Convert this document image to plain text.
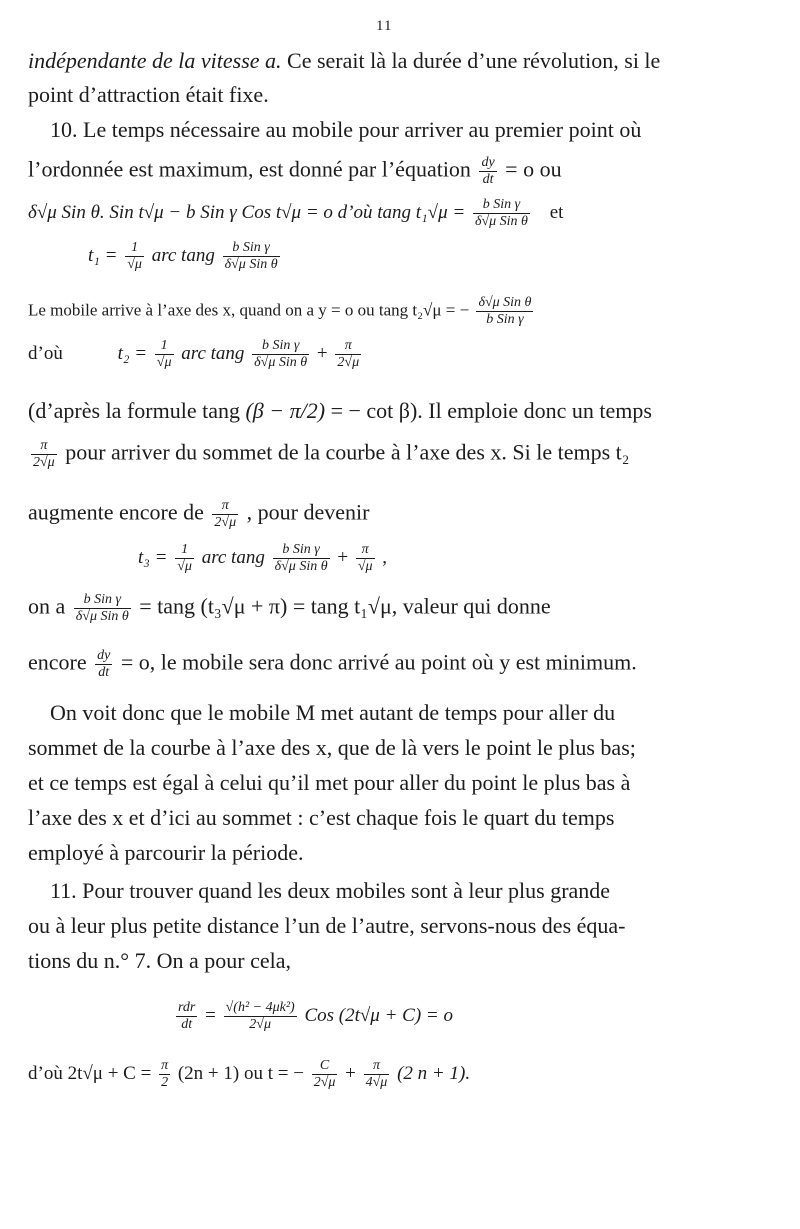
11
indépendante de la vitesse a. Ce serait là la durée d’une révolution, si le
point d’attraction était fixe.
10. Le temps nécessaire au mobile pour arriver au premier point où
l’ordonnée est maximum, est donné par l’équation $\frac{dy}{dt} = o$ ou
δ√μ Sin θ. Sin t√μ − b Sin γ Cos t√μ = o d’où tang $t_1√\mu = \frac{\text{b Sin γ}}{\text{δ√μ Sin θ}}$ et
$t_1 = \frac{1}{√\mu}$ arc tang $\frac{\text{b Sin γ}}{\text{δ√μ Sin θ}}$
Le mobile arrive à l’axe des x, quand on a y = o ou tang t₂√μ = − $\frac{\text{δ√μ Sin θ}}{\text{b Sin γ}}$
d’où	$t_2 = \frac{1}{√\mu}$ arc tang $\frac{\text{b Sin γ}}{\text{δ√μ Sin θ}} + \frac{\pi}{2√\mu}$
(d’après la formule tang (β − π/2) = − cot β). Il emploie donc un temps
$\frac{\pi}{2√\mu}$ pour arriver du sommet de la courbe à l’axe des x. Si le temps t₂
augmente encore de $\frac{\pi}{2√\mu}$ , pour devenir
$t_3 = \frac{1}{√\mu}$ arc tang $\frac{\text{b Sin γ}}{\text{δ√μ Sin θ}} + \frac{\pi}{√\mu}$ ,
on a $\frac{\text{b Sin γ}}{\text{δ√μ Sin θ}} = \tan g$ (t₃√μ + π) = tang t₁√μ, valeur qui donne
encore $\frac{dy}{dt} = o$, le mobile sera donc arrivé au point où y est minimum.
On voit donc que le mobile M met autant de temps pour aller du
sommet de la courbe à l’axe des x, que de là vers le point le plus bas;
et ce temps est égal à celui qu’il met pour aller du point le plus bas à
l’axe des x et d’ici au sommet : c’est chaque fois le quart du temps
employé à parcourir la période.
11. Pour trouver quand les deux mobiles sont à leur plus grande
ou à leur plus petite distance l’un de l’autre, servons-nous des équa-
tions du n.° 7. On a pour cela,
$\frac{\text{rdr}}{dt} = \frac{\text{√(h² − 4μk²)}}{2√\mu}$ Cos (2t√μ + C) = o
d’où $2t√\mu + C = \frac{\pi}{2} (2n + 1)$ ou t = − $\frac{C}{2√\mu} + \frac{\pi}{4√\mu} (2$ n + 1).
